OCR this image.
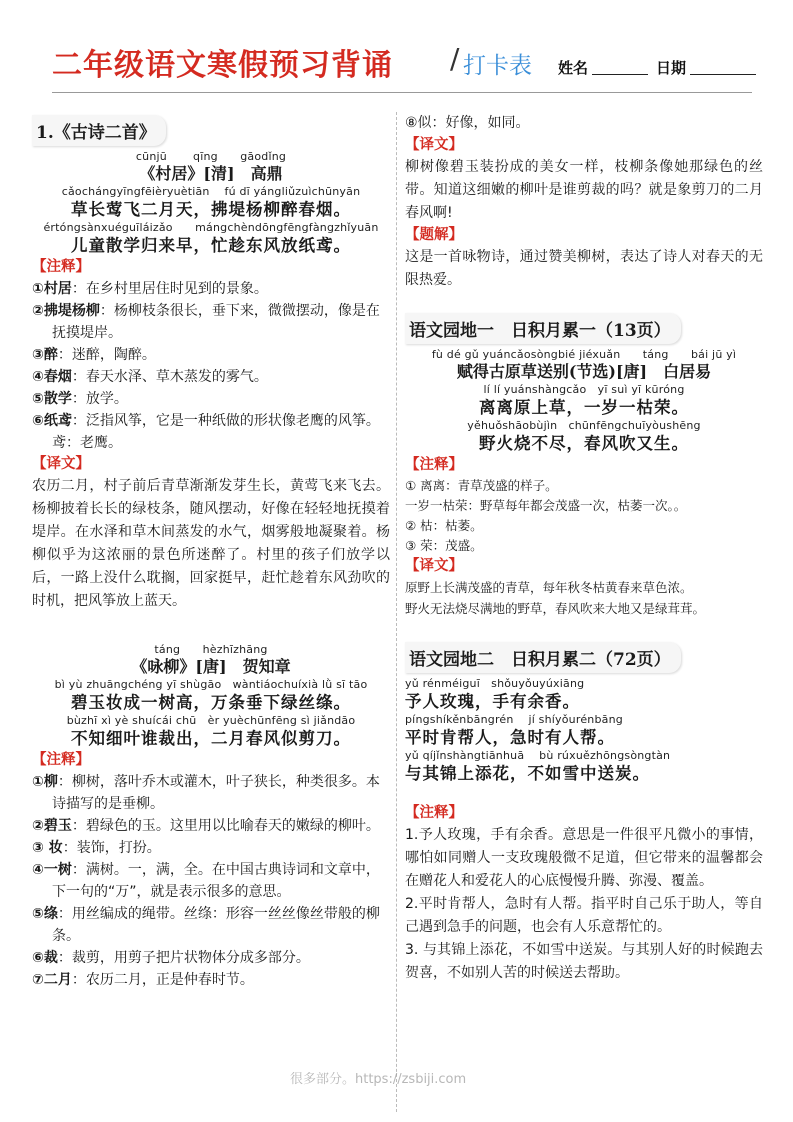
二年级语文寒假预习背诵 / 打卡表 姓名	日期
1.《古诗二首》
cūnjū　　 qīng　　gāodǐng
《村居》[清]　高鼎
cǎochángyīngfēièryuètiān　 fú dī yángliǔzuìchūnyān
草长莺飞二月天，拂堤杨柳醉春烟。
értóngsànxuéguīláizǎo　　mángchèndōngfēngfàngzhǐyuān
儿童散学归来早，忙趁东风放纸鸢。
【注释】

①村居：在乡村里居住时见到的景象。

②拂堤杨柳：杨柳枝条很长，垂下来，微微摆动，像是在抚摸堤岸。

③醉：迷醉，陶醉。

④春烟：春天水泽、草木蒸发的雾气。

⑤散学：放学。

⑥纸鸢：泛指风筝，它是一种纸做的形状像老鹰的风筝。鸢：老鹰。

【译文】

农历二月，村子前后青草渐渐发芽生长，黄莺飞来飞去。杨柳披着长长的绿枝条，随风摆动，好像在轻轻地抚摸着堤岸。在水泽和草木间蒸发的水气，烟雾般地凝聚着。杨柳似乎为这浓丽的景色所迷醉了。村里的孩子们放学以后，一路上没什么耽搁，回家挺早，赶忙趁着东风劲吹的时机，把风筝放上蓝天。

táng　　hèzhīzhāng
《咏柳》[唐]　贺知章
bì yù zhuāngchéng yī shùgāo　wàntiáochuíxià lǜ sī tāo
碧玉妆成一树高，万条垂下绿丝绦。
bùzhī xì yè shuícái chū　èr yuèchūnfēng sì jiǎndāo
不知细叶谁裁出，二月春风似剪刀。
【注释】

①柳：柳树，落叶乔木或灌木，叶子狭长，种类很多。本诗描写的是垂柳。

②碧玉：碧绿色的玉。这里用以比喻春天的嫩绿的柳叶。

③ 妆：装饰，打扮。

④一树：满树。一，满，全。在中国古典诗词和文章中，下一句的“万”，就是表示很多的意思。

⑤绦：用丝编成的绳带。丝绦：形容一丝丝像丝带般的柳条。

⑥裁：裁剪，用剪子把片状物体分成多部分。

⑦二月：农历二月，正是仲春时节。

⑧似：好像，如同。

【译文】

柳树像碧玉装扮成的美女一样，枝柳条像她那绿色的丝带。知道这细嫩的柳叶是谁剪裁的吗？就是象剪刀的二月春风啊!

【题解】

这是一首咏物诗，通过赞美柳树，表达了诗人对春天的无限热爱。

语文园地一　日积月累一（13页）
fù dé gǔ yuáncǎosòngbié jiéxuǎn　　táng　　bái jū yì
赋得古原草送别(节选)[唐]　白居易
lí lí yuánshàngcǎo　yī suì yī kūróng
离离原上草，一岁一枯荣。
yěhuǒshāobùjìn　chūnfēngchuīyòushēng
野火烧不尽，春风吹又生。
【注释】

① 离离：青草茂盛的样子。

一岁一枯荣：野草每年都会茂盛一次，枯萎一次。。

② 枯：枯萎。

③ 荣：茂盛。

【译文】

原野上长满茂盛的青草，每年秋冬枯黄春来草色浓。

野火无法烧尽满地的野草，春风吹来大地又是绿茸茸。

语文园地二　日积月累二（72页）
yǔ rénméiguī　shǒuyǒuyúxiāng
予人玫瑰，手有余香。
píngshíkěnbāngrén　 jí shíyǒurénbāng
平时肯帮人，急时有人帮。
yǔ qíjǐnshàngtiānhuā　 bù rúxuězhōngsòngtàn
与其锦上添花，不如雪中送炭。
【注释】

1.予人玫瑰，手有余香。意思是一件很平凡微小的事情，哪怕如同赠人一支玫瑰般微不足道，但它带来的温馨都会在赠花人和爱花人的心底慢慢升腾、弥漫、覆盖。

2.平时肯帮人，急时有人帮。指平时自己乐于助人，等自己遇到急手的问题，也会有人乐意帮忙的。

3. 与其锦上添花，不如雪中送炭。与其别人好的时候跑去贺喜，不如别人苦的时候送去帮助。

很多部分。https://zsbiji.com
